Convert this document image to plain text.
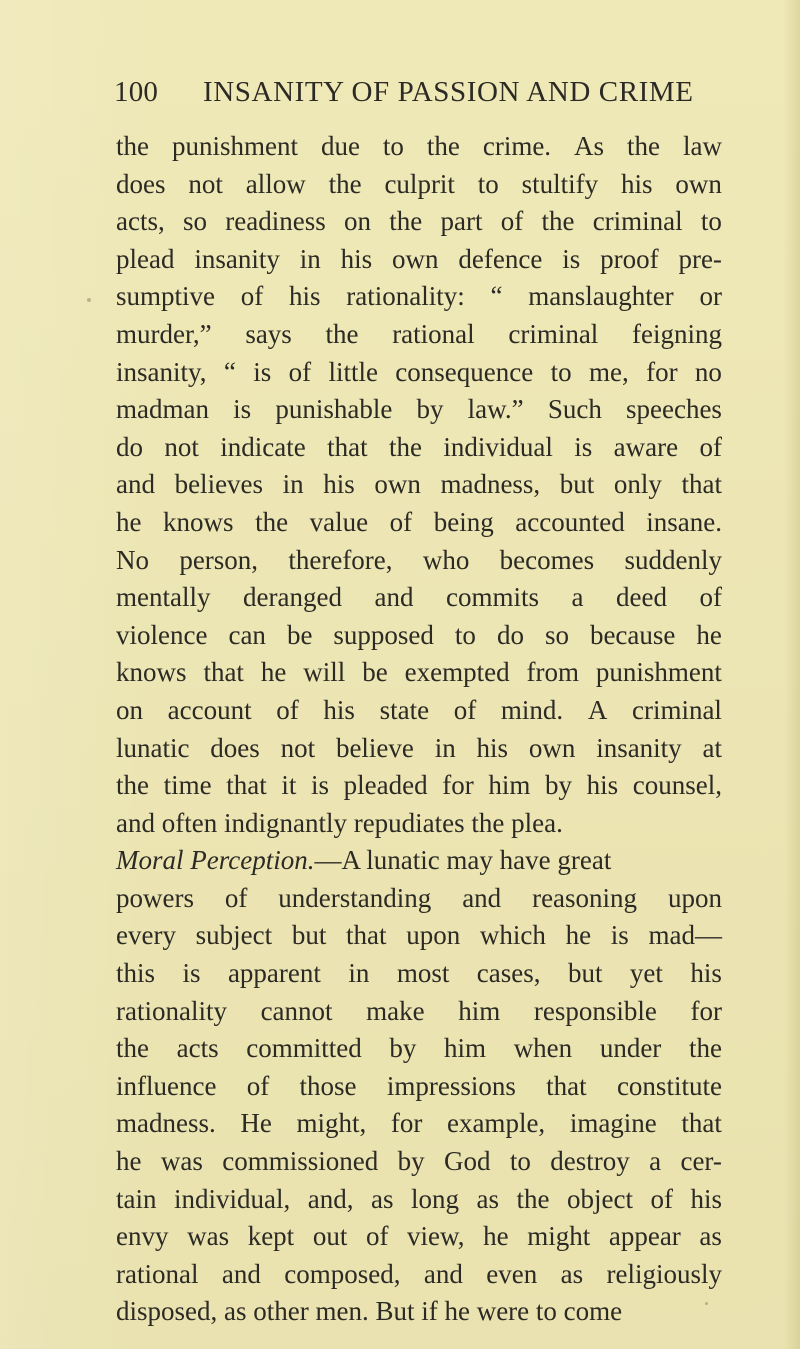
100 INSANITY OF PASSION AND CRIME
the punishment due to the crime. As the law
does not allow the culprit to stultify his own
acts, so readiness on the part of the criminal to
plead insanity in his own defence is proof pre-
sumptive of his rationality: “ manslaughter or
murder,” says the rational criminal feigning
insanity, “ is of little consequence to me, for no
madman is punishable by law.” Such speeches
do not indicate that the individual is aware of
and believes in his own madness, but only that
he knows the value of being accounted insane.
No person, therefore, who becomes suddenly
mentally deranged and commits a deed of
violence can be supposed to do so because he
knows that he will be exempted from punishment
on account of his state of mind. A criminal
lunatic does not believe in his own insanity at
the time that it is pleaded for him by his counsel,
and often indignantly repudiates the plea.
Moral Perception. —A lunatic may have great
powers of understanding and reasoning upon
every subject but that upon which he is mad—
this is apparent in most cases, but yet his
rationality cannot make him responsible for
the acts committed by him when under the
influence of those impressions that constitute
madness. He might, for example, imagine that
he was commissioned by God to destroy a cer-
tain individual, and, as long as the object of his
envy was kept out of view, he might appear as
rational and composed, and even as religiously
disposed, as other men. But if he were to come
